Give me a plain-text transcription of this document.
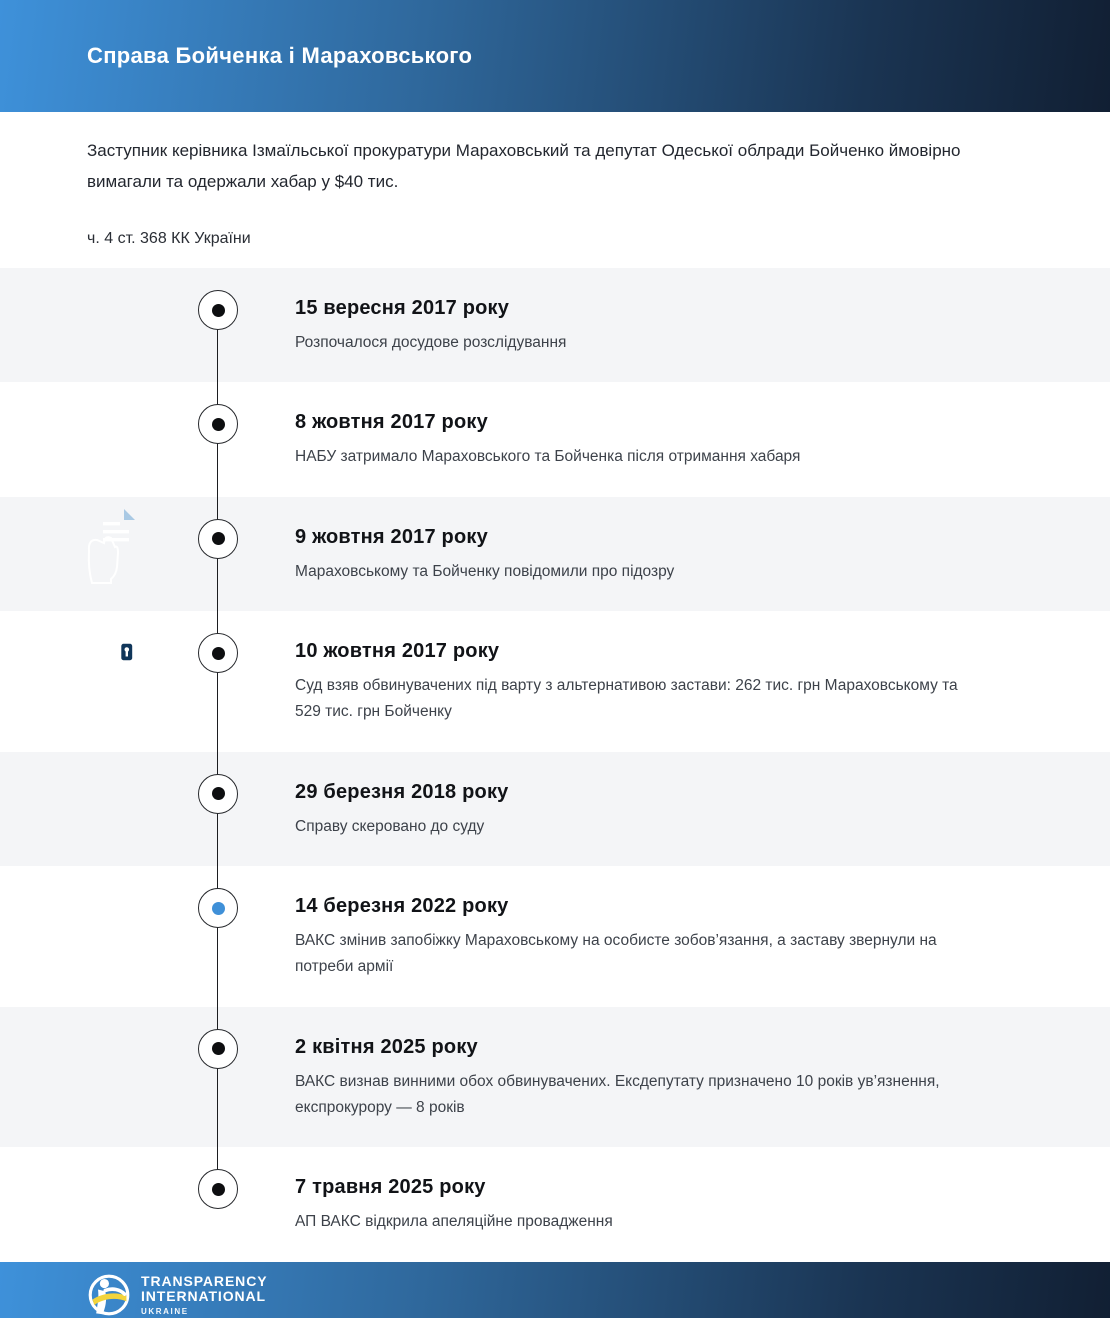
Справа Бойченка і Мараховського

Заступник керівника Ізмаїльської прокуратури Мараховський та депутат Одеської облради Бойченко ймовірно вимагали та одержали хабар у $40 тис.

ч. 4 ст. 368 КК України

15 вересня 2017 року

Розпочалося досудове розслідування

8 жовтня 2017 року

НАБУ затримало Мараховського та Бойченка після отримання хабаря

9 жовтня 2017 року

Мараховському та Бойченку повідомили про підозру

10 жовтня 2017 року

Суд взяв обвинувачених під варту з альтернативою застави: 262 тис. грн Мараховському та 529 тис. грн Бойченку

29 березня 2018 року

Справу скеровано до суду

14 березня 2022 року

ВАКС змінив запобіжку Мараховському на особисте зобов’язання, а заставу звернули на потреби армії

2 квітня 2025 року

ВАКС визнав винними обох обвинувачених. Ексдепутату призначено 10 років ув’язнення, експрокурору — 8 років

7 травня 2025 року

АП ВАКС відкрила апеляційне провадження

TRANSPARENCY
INTERNATIONAL
UKRAINE
